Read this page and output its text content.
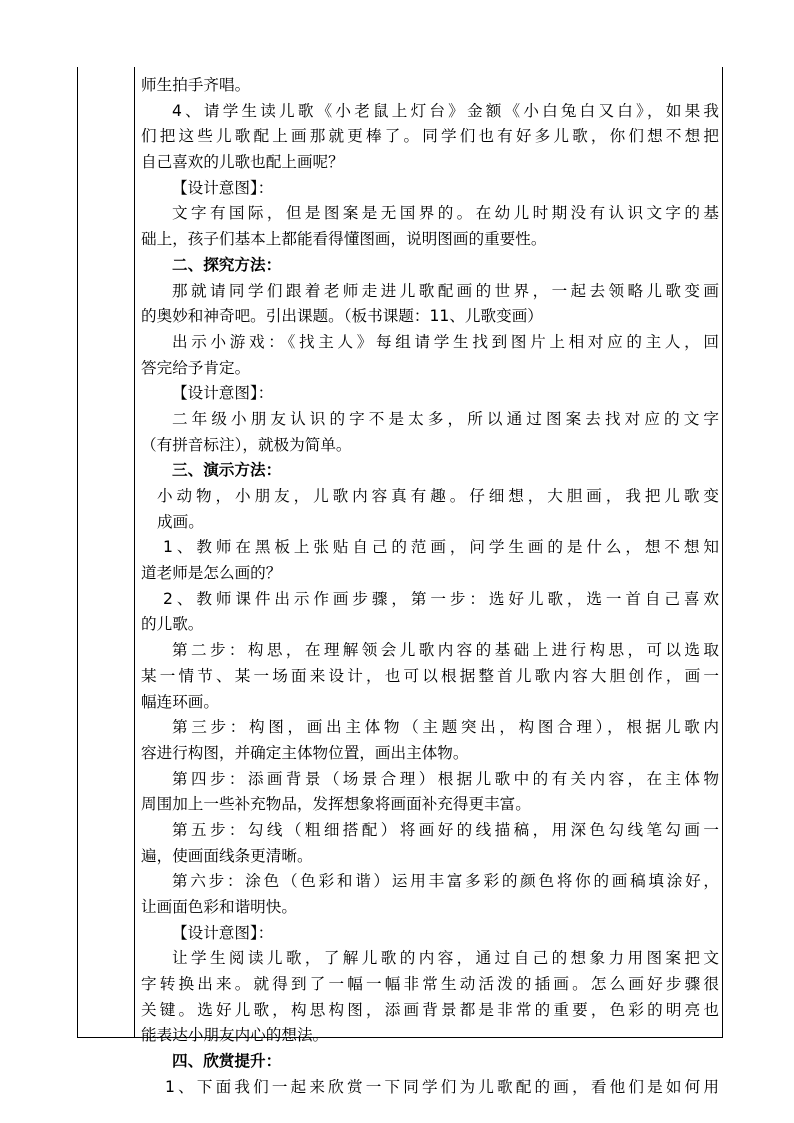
师生拍手齐唱。
4、请学生读儿歌《小老鼠上灯台》金额《小白兔白又白》，如果我
们把这些儿歌配上画那就更棒了。同学们也有好多儿歌，你们想不想把
自己喜欢的儿歌也配上画呢？
【设计意图】：
文字有国际，但是图案是无国界的。在幼儿时期没有认识文字的基
础上，孩子们基本上都能看得懂图画，说明图画的重要性。
二、探究方法：
那就请同学们跟着老师走进儿歌配画的世界，一起去领略儿歌变画
的奥妙和神奇吧。引出课题。（板书课题：11、儿歌变画）
出示小游戏：《找主人》每组请学生找到图片上相对应的主人，回
答完给予肯定。
【设计意图】：
二年级小朋友认识的字不是太多，所以通过图案去找对应的文字
（有拼音标注），就极为简单。
三、演示方法：
小动物，小朋友，儿歌内容真有趣。仔细想，大胆画，我把儿歌变
成画。
1、教师在黑板上张贴自己的范画，问学生画的是什么，想不想知
道老师是怎么画的？
2、教师课件出示作画步骤，第一步：选好儿歌，选一首自己喜欢
的儿歌。
第二步：构思，在理解领会儿歌内容的基础上进行构思，可以选取
某一情节、某一场面来设计，也可以根据整首儿歌内容大胆创作，画一
幅连环画。
第三步：构图，画出主体物（主题突出，构图合理），根据儿歌内
容进行构图，并确定主体物位置，画出主体物。
第四步：添画背景（场景合理）根据儿歌中的有关内容，在主体物
周围加上一些补充物品，发挥想象将画面补充得更丰富。
第五步：勾线（粗细搭配）将画好的线描稿，用深色勾线笔勾画一
遍，使画面线条更清晰。
第六步：涂色（色彩和谐）运用丰富多彩的颜色将你的画稿填涂好，
让画面色彩和谐明快。
【设计意图】：
让学生阅读儿歌，了解儿歌的内容，通过自己的想象力用图案把文
字转换出来。就得到了一幅一幅非常生动活泼的插画。怎么画好步骤很
关键。选好儿歌，构思构图，添画背景都是非常的重要，色彩的明亮也
能表达小朋友内心的想法。
四、欣赏提升：
1、下面我们一起来欣赏一下同学们为儿歌配的画，看他们是如何用
